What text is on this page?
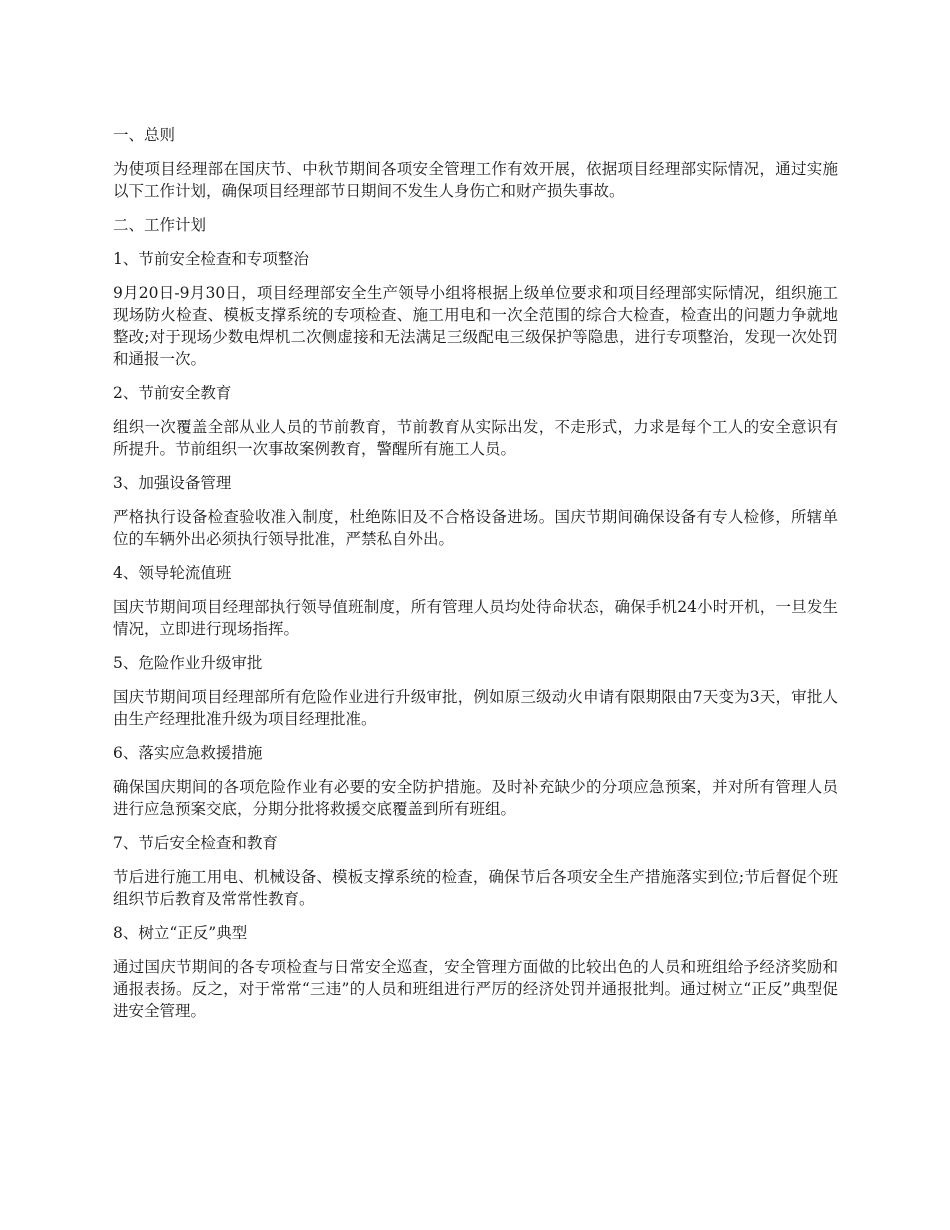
一、总则

为使项目经理部在国庆节、中秋节期间各项安全管理工作有效开展，依据项目经理部实际情况，通过实施以下工作计划，确保项目经理部节日期间不发生人身伤亡和财产损失事故。

二、工作计划

1、节前安全检查和专项整治

9月20日-9月30日，项目经理部安全生产领导小组将根据上级单位要求和项目经理部实际情况，组织施工现场防火检查、模板支撑系统的专项检查、施工用电和一次全范围的综合大检查，检查出的问题力争就地整改;对于现场少数电焊机二次侧虚接和无法满足三级配电三级保护等隐患，进行专项整治，发现一次处罚和通报一次。

2、节前安全教育

组织一次覆盖全部从业人员的节前教育，节前教育从实际出发，不走形式，力求是每个工人的安全意识有所提升。节前组织一次事故案例教育，警醒所有施工人员。

3、加强设备管理

严格执行设备检查验收准入制度，杜绝陈旧及不合格设备进场。国庆节期间确保设备有专人检修，所辖单位的车辆外出必须执行领导批准，严禁私自外出。

4、领导轮流值班

国庆节期间项目经理部执行领导值班制度，所有管理人员均处待命状态，确保手机24小时开机，一旦发生情况，立即进行现场指挥。

5、危险作业升级审批

国庆节期间项目经理部所有危险作业进行升级审批，例如原三级动火申请有限期限由7天变为3天，审批人由生产经理批准升级为项目经理批准。

6、落实应急救援措施

确保国庆期间的各项危险作业有必要的安全防护措施。及时补充缺少的分项应急预案，并对所有管理人员进行应急预案交底，分期分批将救援交底覆盖到所有班组。

7、节后安全检查和教育

节后进行施工用电、机械设备、模板支撑系统的检查，确保节后各项安全生产措施落实到位;节后督促个班组织节后教育及常常性教育。

8、树立“正反”典型

通过国庆节期间的各专项检查与日常安全巡查，安全管理方面做的比较出色的人员和班组给予经济奖励和通报表扬。反之，对于常常“三违”的人员和班组进行严厉的经济处罚并通报批判。通过树立“正反”典型促进安全管理。
